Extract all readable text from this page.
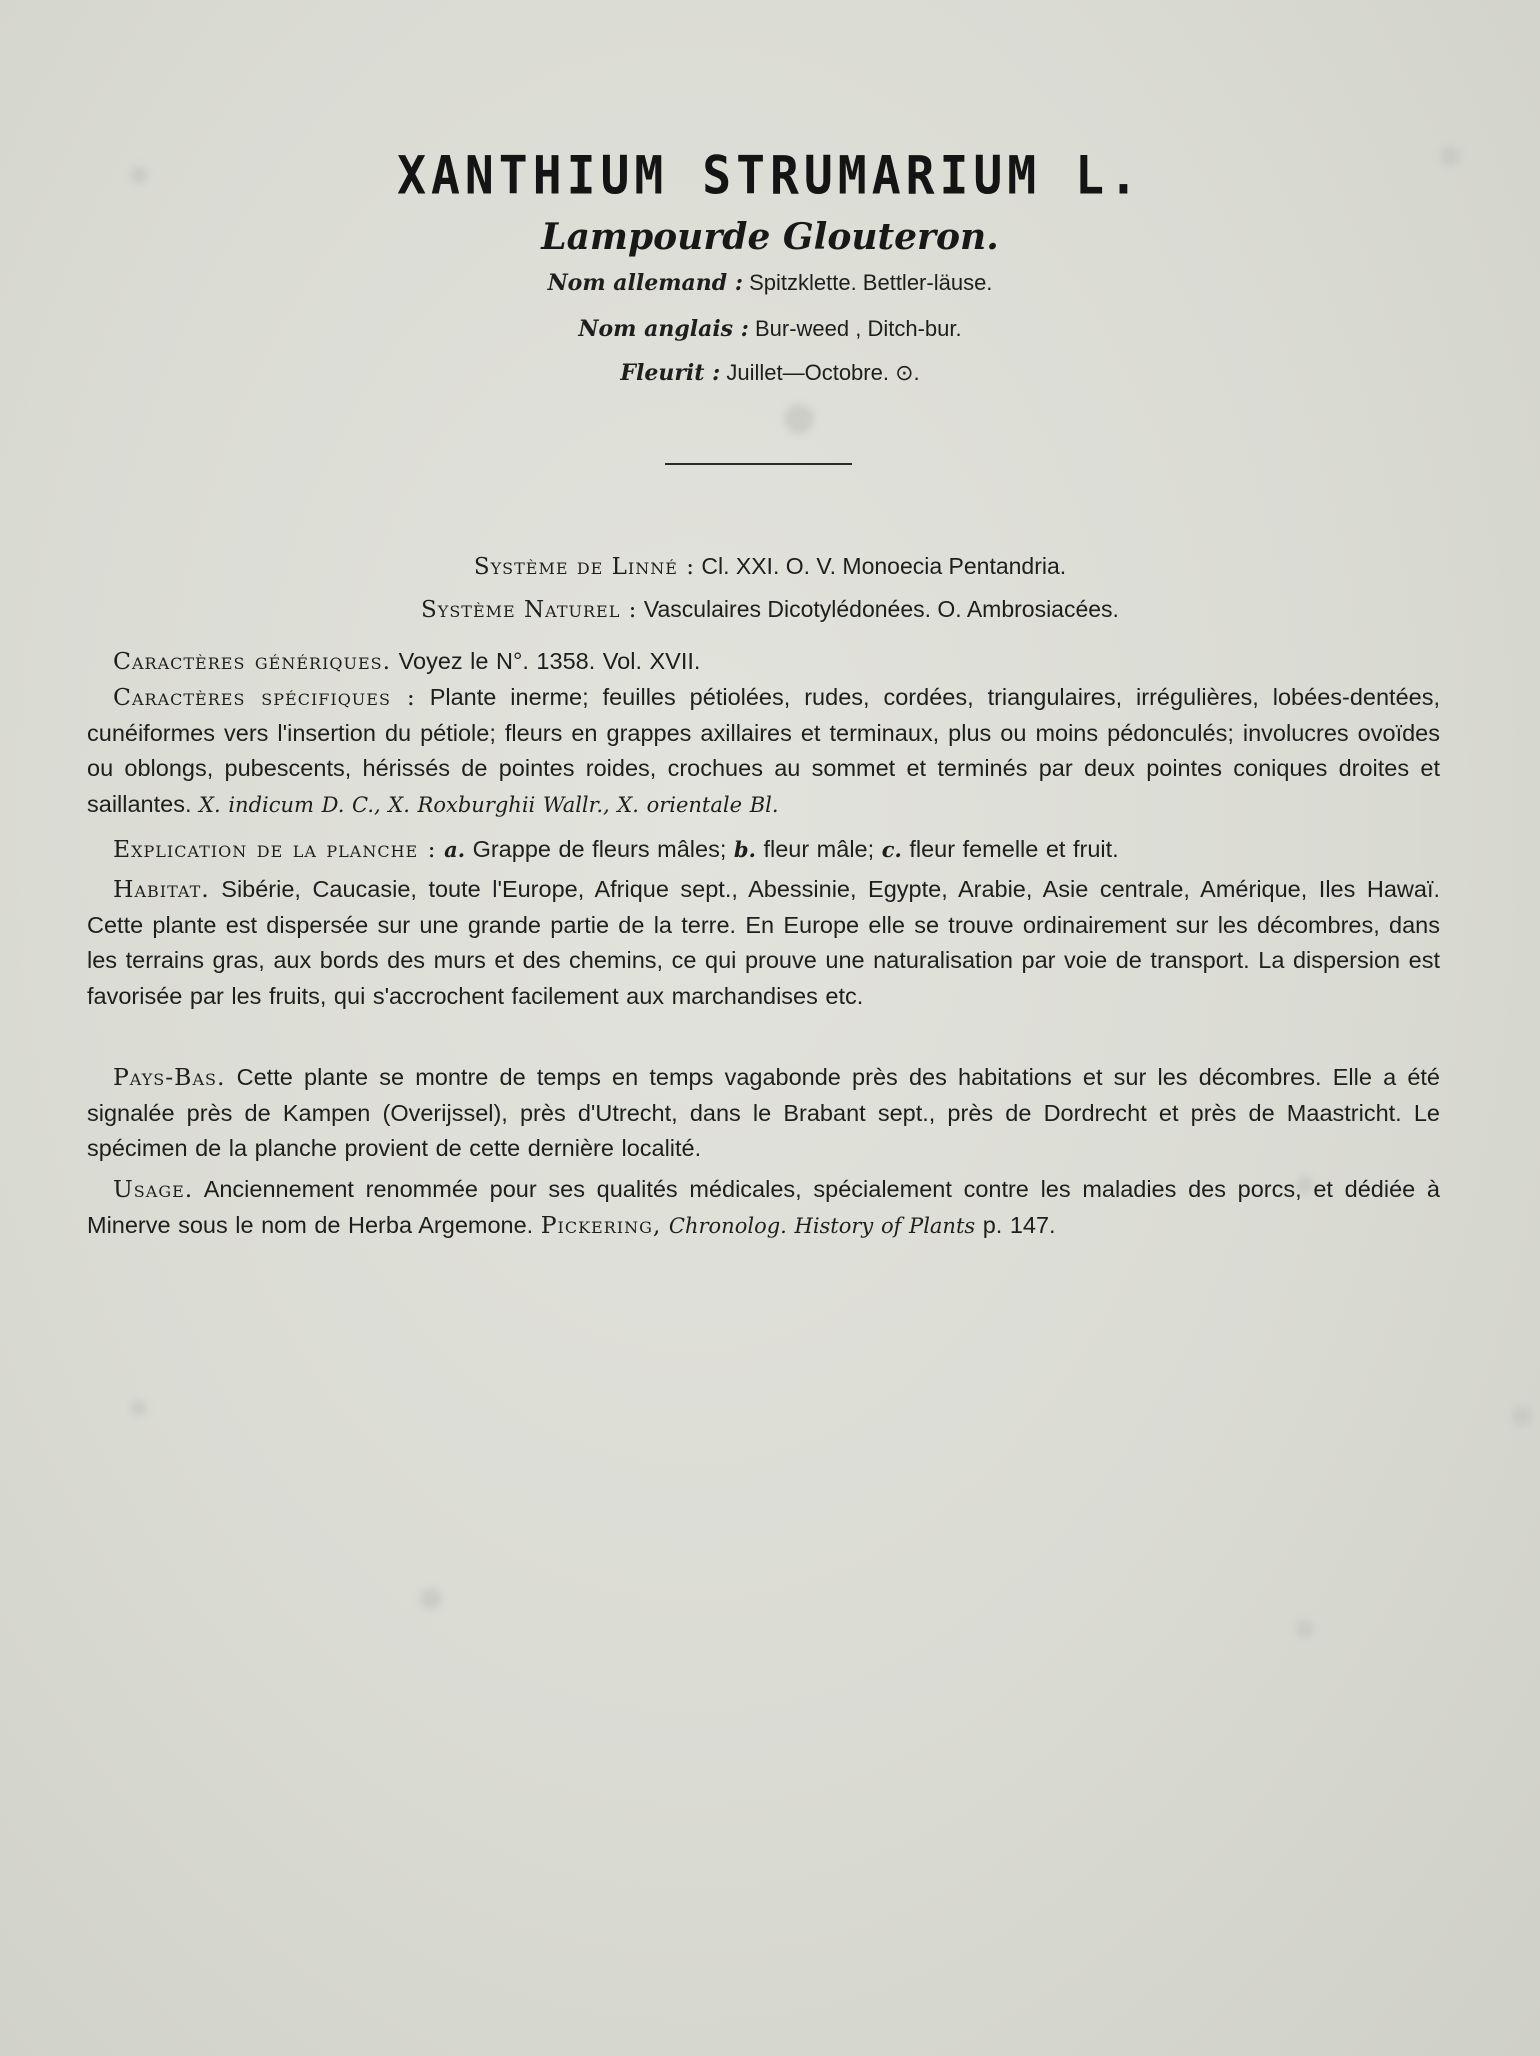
XANTHIUM STRUMARIUM L.
Lampourde Glouteron.
Nom allemand : Spitzklette. Bettler-läuse.
Nom anglais : Bur-weed , Ditch-bur.
Fleurit : Juillet—Octobre. ⊙.
Système de Linné : Cl. XXI. O. V. Monoecia Pentandria.
Système Naturel : Vasculaires Dicotylédonées. O. Ambrosiacées.
Caractères génériques. Voyez le N°. 1358. Vol. XVII.
Caractères spécifiques : Plante inerme; feuilles pétiolées, rudes, cordées, triangulaires, irrégulières, lobées-dentées, cunéiformes vers l'insertion du pétiole; fleurs en grappes axillaires et terminaux, plus ou moins pédonculés; involucres ovoïdes ou oblongs, pubescents, hérissés de pointes roides, crochues au sommet et terminés par deux pointes coniques droites et saillantes. X. indicum D. C., X. Roxburghii Wallr., X. orientale Bl.
Explication de la planche : a. Grappe de fleurs mâles; b. fleur mâle; c. fleur femelle et fruit.
Habitat. Sibérie, Caucasie, toute l'Europe, Afrique sept., Abessinie, Egypte, Arabie, Asie centrale, Amérique, Iles Hawaï. Cette plante est dispersée sur une grande partie de la terre. En Europe elle se trouve ordinairement sur les décombres, dans les terrains gras, aux bords des murs et des chemins, ce qui prouve une naturalisation par voie de transport. La dispersion est favorisée par les fruits, qui s'accrochent facilement aux marchandises etc.
Pays-Bas. Cette plante se montre de temps en temps vagabonde près des habitations et sur les décombres. Elle a été signalée près de Kampen (Overijssel), près d'Utrecht, dans le Brabant sept., près de Dordrecht et près de Maastricht. Le spécimen de la planche provient de cette dernière localité.
Usage. Anciennement renommée pour ses qualités médicales, spécialement contre les maladies des porcs, et dédiée à Minerve sous le nom de Herba Argemone. Pickering, Chronolog. History of Plants p. 147.
